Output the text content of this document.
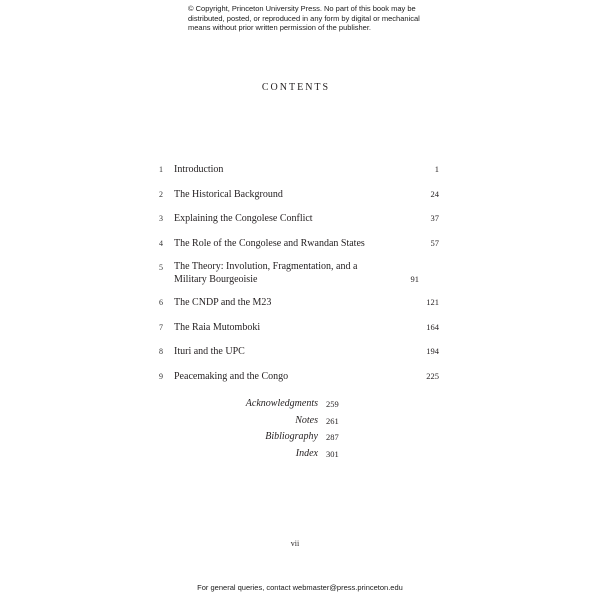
© Copyright, Princeton University Press. No part of this book may be distributed, posted, or reproduced in any form by digital or mechanical means without prior written permission of the publisher.
CONTENTS
1	Introduction	1
2	The Historical Background	24
3	Explaining the Congolese Conflict	37
4	The Role of the Congolese and Rwandan States	57
5	The Theory: Involution, Fragmentation, and a Military Bourgeoisie	91
6	The CNDP and the M23	121
7	The Raia Mutomboki	164
8	Ituri and the UPC	194
9	Peacemaking and the Congo	225
Acknowledgments 259
Notes 261
Bibliography 287
Index 301
vii
For general queries, contact webmaster@press.princeton.edu
